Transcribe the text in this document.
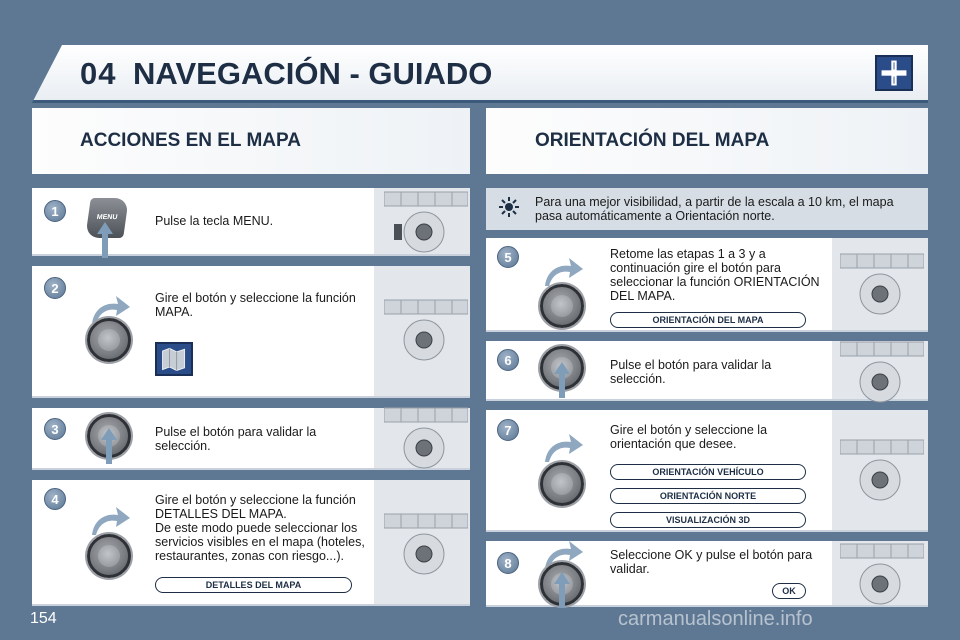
04 NAVEGACIÓN - GUIADO
ACCIONES EN EL MAPA	ORIENTACIÓN DEL MAPA
1	MENU	Pulse la tecla MENU.
2
Gire el botón y seleccione la función MAPA.
3	Pulse el botón para validar la selección.
4	Gire el botón y seleccione la función
DETALLES DEL MAPA.
De este modo puede seleccionar los
servicios visibles en el mapa (hoteles,
restaurantes, zonas con riesgo...).
DETALLES DEL MAPA
Para una mejor visibilidad, a partir de la escala a 10 km, el mapa
pasa automáticamente a Orientación norte.
5	Retome las etapas 1 a 3 y a
continuación gire el botón para
seleccionar la función ORIENTACIÓN
DEL MAPA.
ORIENTACIÓN DEL MAPA
6	Pulse el botón para validar la
selección.
7	Gire el botón y seleccione la
orientación que desee.
ORIENTACIÓN VEHÍCULO
ORIENTACIÓN NORTE
VISUALIZACIÓN 3D
8
Seleccione OK y pulse el botón para
validar.
OK
154	carmanualsonline.info
